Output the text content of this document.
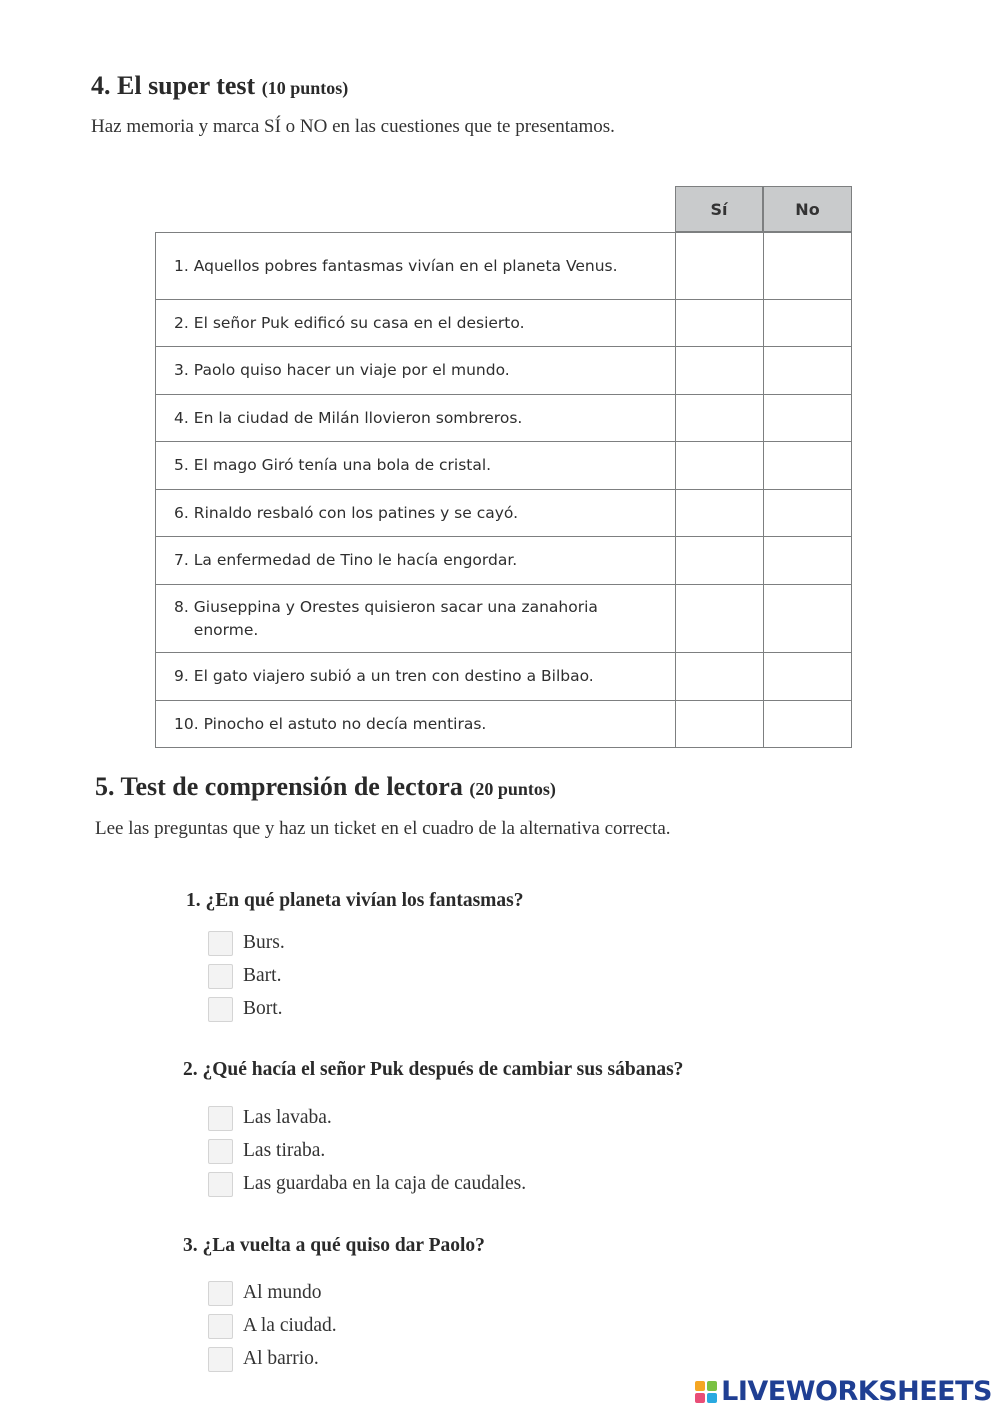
4. El super test (10 puntos)

Haz memoria y marca SÍ o NO en las cuestiones que te presentamos.

Sí	No
1. Aquellos pobres fantasmas vivían en el planeta Venus.
2. El señor Puk edificó su casa en el desierto.
3. Paolo quiso hacer un viaje por el mundo.
4. En la ciudad de Milán llovieron sombreros.
5. El mago Giró tenía una bola de cristal.
6. Rinaldo resbaló con los patines y se cayó.
7. La enfermedad de Tino le hacía engordar.
8. Giuseppina y Orestes quisieron sacar una zanahoria enorme.
9. El gato viajero subió a un tren con destino a Bilbao.
10. Pinocho el astuto no decía mentiras.
5. Test de comprensión de lectora (20 puntos)

Lee las preguntas que y haz un ticket en el cuadro de la alternativa correcta.

1. ¿En qué planeta vivían los fantasmas?

Burs.
Bart.
Bort.

2. ¿Qué hacía el señor Puk después de cambiar sus sábanas?

Las lavaba.
Las tiraba.
Las guardaba en la caja de caudales.

3. ¿La vuelta a qué quiso dar Paolo?

Al mundo
A la ciudad.
Al barrio.
LIVEWORKSHEETS
